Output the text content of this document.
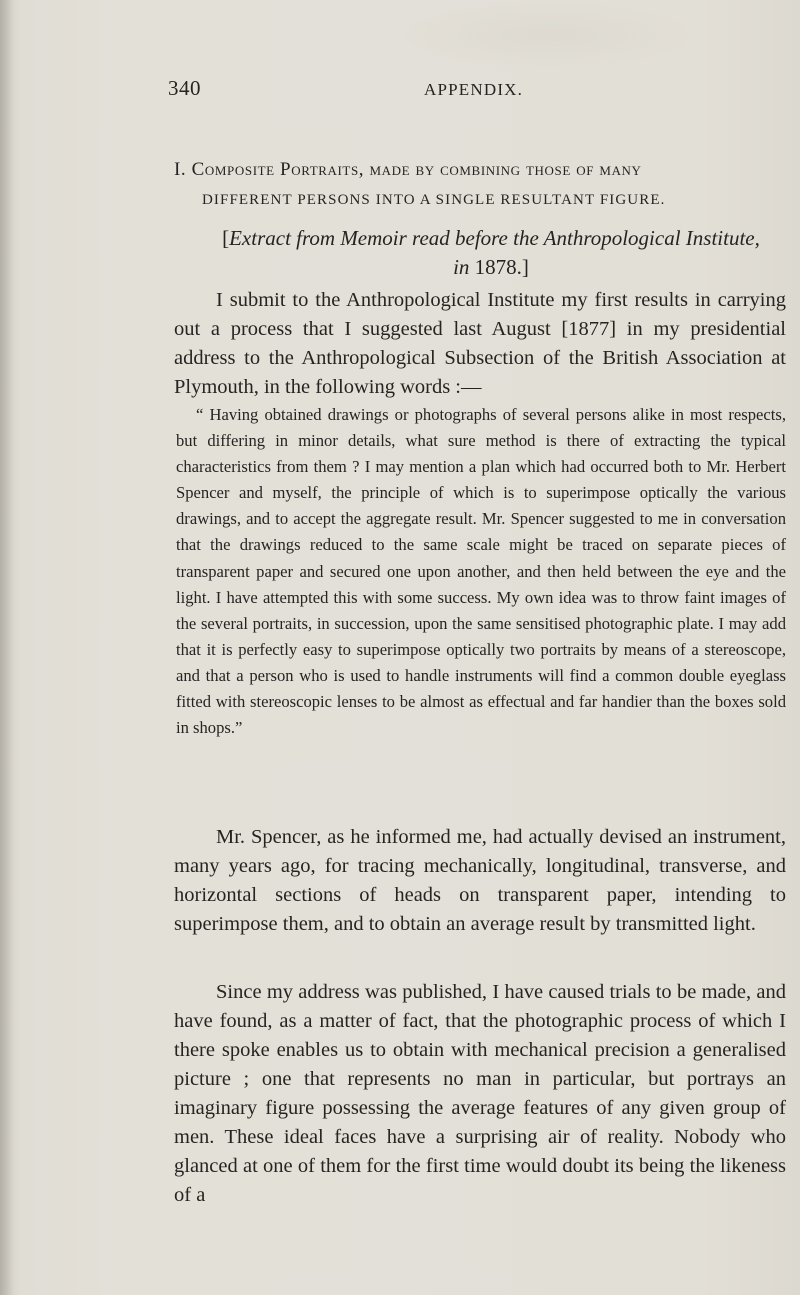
340	APPENDIX.
I. Composite Portraits, made by combining those of many
DIFFERENT PERSONS INTO A SINGLE RESULTANT FIGURE.
[Extract from Memoir read before the Anthropological Institute,
in 1878.]

I submit to the Anthropological Institute my first results in carrying out a process that I suggested last August [1877] in my presidential address to the Anthropological Subsection of the British Association at Plymouth, in the following words :—

“ Having obtained drawings or photographs of several persons alike in most respects, but differing in minor details, what sure method is there of extracting the typical characteristics from them ? I may mention a plan which had occurred both to Mr. Herbert Spencer and myself, the principle of which is to superimpose optically the various drawings, and to accept the aggregate result. Mr. Spencer suggested to me in conversation that the drawings reduced to the same scale might be traced on separate pieces of transparent paper and secured one upon another, and then held between the eye and the light. I have attempted this with some success. My own idea was to throw faint images of the several portraits, in succession, upon the same sensitised photographic plate. I may add that it is perfectly easy to superimpose optically two portraits by means of a stereoscope, and that a person who is used to handle instruments will find a common double eyeglass fitted with stereoscopic lenses to be almost as effectual and far handier than the boxes sold in shops.”

Mr. Spencer, as he informed me, had actually devised an instrument, many years ago, for tracing mechanically, longitudinal, transverse, and horizontal sections of heads on transparent paper, intending to superimpose them, and to obtain an average result by transmitted light.

Since my address was published, I have caused trials to be made, and have found, as a matter of fact, that the photographic process of which I there spoke enables us to obtain with mechanical precision a generalised picture ; one that represents no man in particular, but portrays an imaginary figure possessing the average features of any given group of men. These ideal faces have a surprising air of reality. Nobody who glanced at one of them for the first time would doubt its being the likeness of a
